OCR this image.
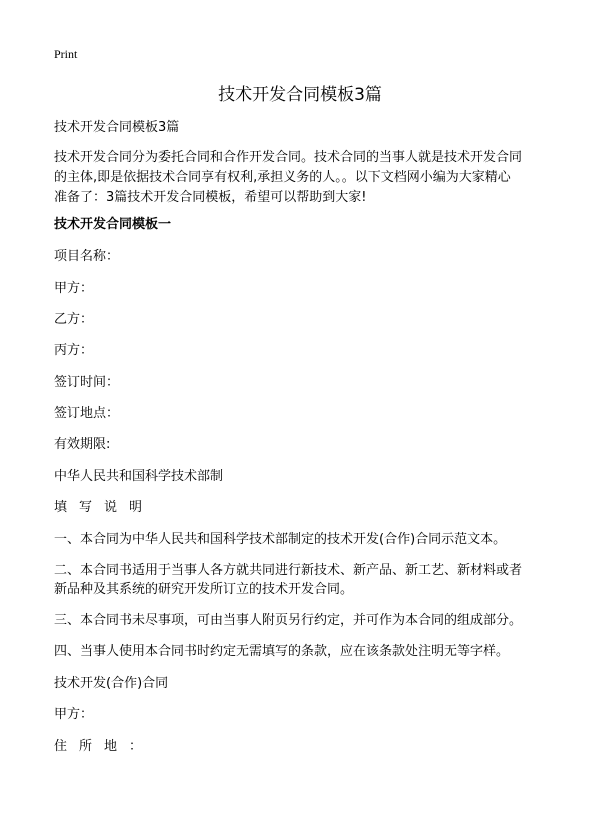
Print
技术开发合同模板3篇
技术开发合同模板3篇
技术开发合同分为委托合同和合作开发合同。技术合同的当事人就是技术开发合同
的主体,即是依据技术合同享有权利,承担义务的人。。以下文档网小编为大家精心
准备了：3篇技术开发合同模板，希望可以帮助到大家!
技术开发合同模板一
项目名称：
甲方：
乙方：
丙方：
签订时间：
签订地点：
有效期限:
中华人民共和国科学技术部制
填写说明
一、本合同为中华人民共和国科学技术部制定的技术开发(合作)合同示范文本。
二、本合同书适用于当事人各方就共同进行新技术、新产品、新工艺、新材料或者
新品种及其系统的研究开发所订立的技术开发合同。
三、本合同书未尽事项，可由当事人附页另行约定，并可作为本合同的组成部分。
四、当事人使用本合同书时约定无需填写的条款，应在该条款处注明无等字样。
技术开发(合作)合同
甲方：
住所地：
